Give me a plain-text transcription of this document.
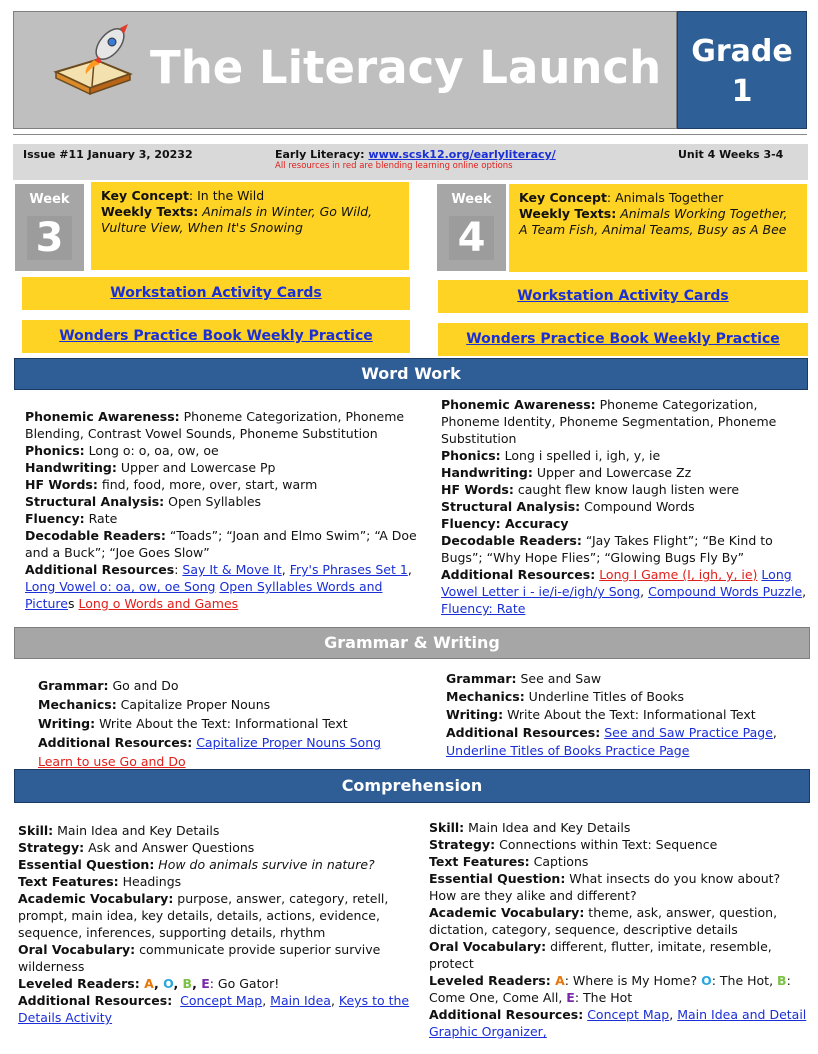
The Literacy Launch	Grade
1
Issue #11 January 3, 20232	Early Literacy: www.scsk12.org/earlyliteracy/
All resources in red are blending learning online options
Unit 4 Weeks 3-4
Week
3
Key Concept: In the Wild
Weekly Texts: Animals in Winter, Go Wild, Vulture View, When It's Snowing
Workstation Activity Cards
Wonders Practice Book Weekly Practice
Week
4
Key Concept: Animals Together
Weekly Texts: Animals Working Together, A Team Fish, Animal Teams, Busy as A Bee
Workstation Activity Cards
Wonders Practice Book Weekly Practice
Word Work
Phonemic Awareness: Phoneme Categorization, Phoneme Blending, Contrast Vowel Sounds, Phoneme Substitution
Phonics: Long o: o, oa, ow, oe
Handwriting: Upper and Lowercase Pp
HF Words: find, food, more, over, start, warm
Structural Analysis: Open Syllables
Fluency: Rate
Decodable Readers: “Toads”; “Joan and Elmo Swim”; “A Doe and a Buck”; “Joe Goes Slow”
Additional Resources: Say It & Move It, Fry's Phrases Set 1, Long Vowel o: oa, ow, oe Song Open Syllables Words and Pictures Long o Words and Games
Phonemic Awareness: Phoneme Categorization, Phoneme Identity, Phoneme Segmentation, Phoneme Substitution
Phonics: Long i spelled i, igh, y, ie
Handwriting: Upper and Lowercase Zz
HF Words: caught flew know laugh listen were
Structural Analysis: Compound Words
Fluency: Accuracy
Decodable Readers: “Jay Takes Flight”; “Be Kind to Bugs”; “Why Hope Flies”; “Glowing Bugs Fly By”
Additional Resources: Long I Game (I, igh, y, ie) Long Vowel Letter i - ie/i-e/igh/y Song, Compound Words Puzzle, Fluency: Rate
Grammar & Writing
Grammar: Go and Do
Mechanics: Capitalize Proper Nouns
Writing: Write About the Text: Informational Text
Additional Resources: Capitalize Proper Nouns Song
Learn to use Go and Do
Grammar: See and Saw
Mechanics: Underline Titles of Books
Writing: Write About the Text: Informational Text
Additional Resources: See and Saw Practice Page,
Underline Titles of Books Practice Page
Comprehension
Skill: Main Idea and Key Details
Strategy: Ask and Answer Questions
Essential Question: How do animals survive in nature?
Text Features: Headings
Academic Vocabulary: purpose, answer, category, retell, prompt, main idea, key details, details, actions, evidence, sequence, inferences, supporting details, rhythm
Oral Vocabulary: communicate provide superior survive wilderness
Leveled Readers: A, O, B, E: Go Gator!
Additional Resources: Concept Map, Main Idea, Keys to the Details Activity
Skill: Main Idea and Key Details
Strategy: Connections within Text: Sequence
Text Features: Captions
Essential Question: What insects do you know about? How are they alike and different?
Academic Vocabulary: theme, ask, answer, question, dictation, category, sequence, descriptive details
Oral Vocabulary: different, flutter, imitate, resemble, protect
Leveled Readers: A: Where is My Home? O: The Hot, B: Come One, Come All, E: The Hot
Additional Resources: Concept Map, Main Idea and Detail Graphic Organizer,
